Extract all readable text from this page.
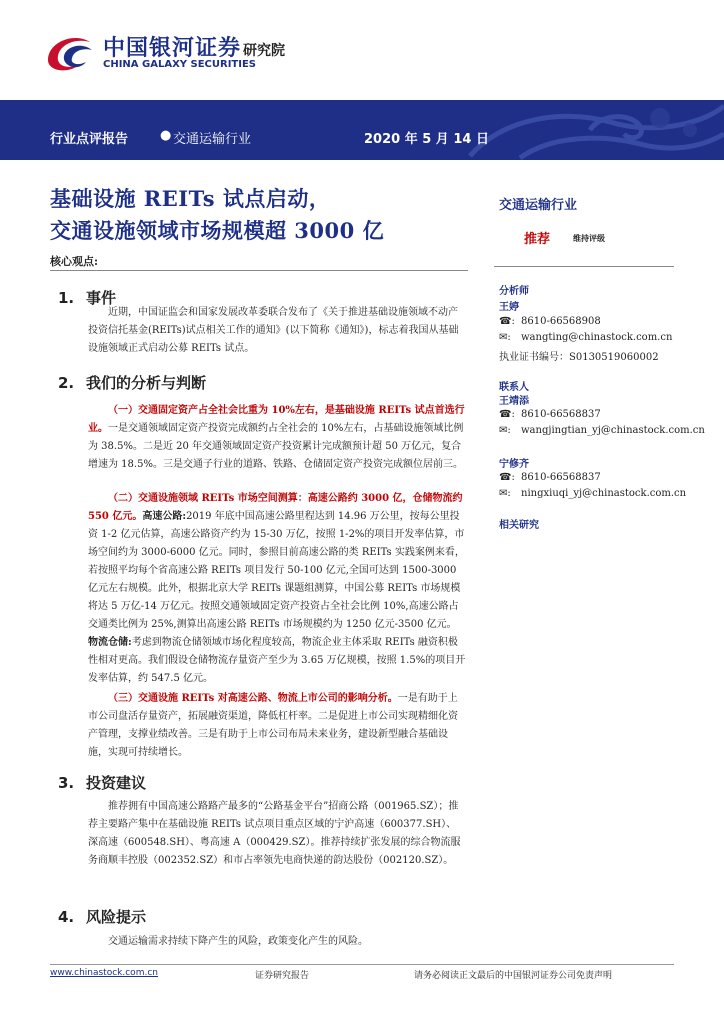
中国银河证券
CHINA GALAXY SECURITIES
研究院
行业点评报告 ● 交通运输行业	2020 年 5 月 14 日
基础设施 REITs 试点启动，
交通设施领域市场规模超 3000 亿
核心观点:
1. 事件

近期，中国证监会和国家发展改革委联合发布了《关于推进基础设施领域不动产投资信托基金(REITs)试点相关工作的通知》(以下简称《通知》)，标志着我国从基础设施领域正式启动公募 REITs 试点。

2. 我们的分析与判断

（一）交通固定资产占全社会比重为 10%左右，是基础设施 REITs 试点首选行业。一是交通领域固定资产投资完成额约占全社会的 10%左右，占基础设施领域比例为 38.5%。二是近 20 年交通领域固定资产投资累计完成额预计超 50 万亿元，复合增速为 18.5%。三是交通子行业的道路、铁路、仓储固定资产投资完成额位居前三。

（二）交通设施领域 REITs 市场空间测算：高速公路约 3000 亿，仓储物流约 550 亿元。高速公路:2019 年底中国高速公路里程达到 14.96 万公里，按每公里投资 1-2 亿元估算，高速公路资产约为 15-30 万亿，按照 1-2%的项目开发率估算，市场空间约为 3000-6000 亿元。同时，参照目前高速公路的类 REITs 实践案例来看，若按照平均每个省高速公路 REITs 项目发行 50-100 亿元,全国可达到 1500-3000 亿元左右规模。此外，根据北京大学 REITs 课题组测算，中国公募 REITs 市场规模将达 5 万亿-14 万亿元。按照交通领域固定资产投资占全社会比例 10%,高速公路占交通类比例为 25%,测算出高速公路 REITs 市场规模约为 1250 亿元-3500 亿元。物流仓储:考虑到物流仓储领域市场化程度较高，物流企业主体采取 REITs 融资积极性相对更高。我们假设仓储物流存量资产至少为 3.65 万亿规模，按照 1.5%的项目开发率估算，约 547.5 亿元。

（三）交通设施 REITs 对高速公路、物流上市公司的影响分析。一是有助于上市公司盘活存量资产，拓展融资渠道，降低杠杆率。二是促进上市公司实现精细化资产管理，支撑业绩改善。三是有助于上市公司布局未来业务，建设新型融合基础设施，实现可持续增长。

3. 投资建议

推荐拥有中国高速公路路产最多的“公路基金平台”招商公路（001965.SZ）；推荐主要路产集中在基础设施 REITs 试点项目重点区域的宁沪高速（600377.SH）、深高速（600548.SH）、粤高速 A（000429.SZ）。推荐持续扩张发展的综合物流服务商顺丰控股（002352.SZ）和市占率领先电商快递的韵达股份（002120.SZ）。

4. 风险提示

交通运输需求持续下降产生的风险，政策变化产生的风险。

交通运输行业
推荐	维持评级
分析师
王婷
☎: 8610-66568908
✉: wangting@chinastock.com.cn
执业证书编号：S0130519060002
联系人
王靖添
☎: 8610-66568837
✉: wangjingtian_yj@chinastock.com.cn
宁修齐
☎: 8610-66568837
✉: ningxiuqi_yj@chinastock.com.cn
相关研究
www.chinastock.com.cn	证券研究报告	请务必阅读正文最后的中国银河证券公司免责声明
